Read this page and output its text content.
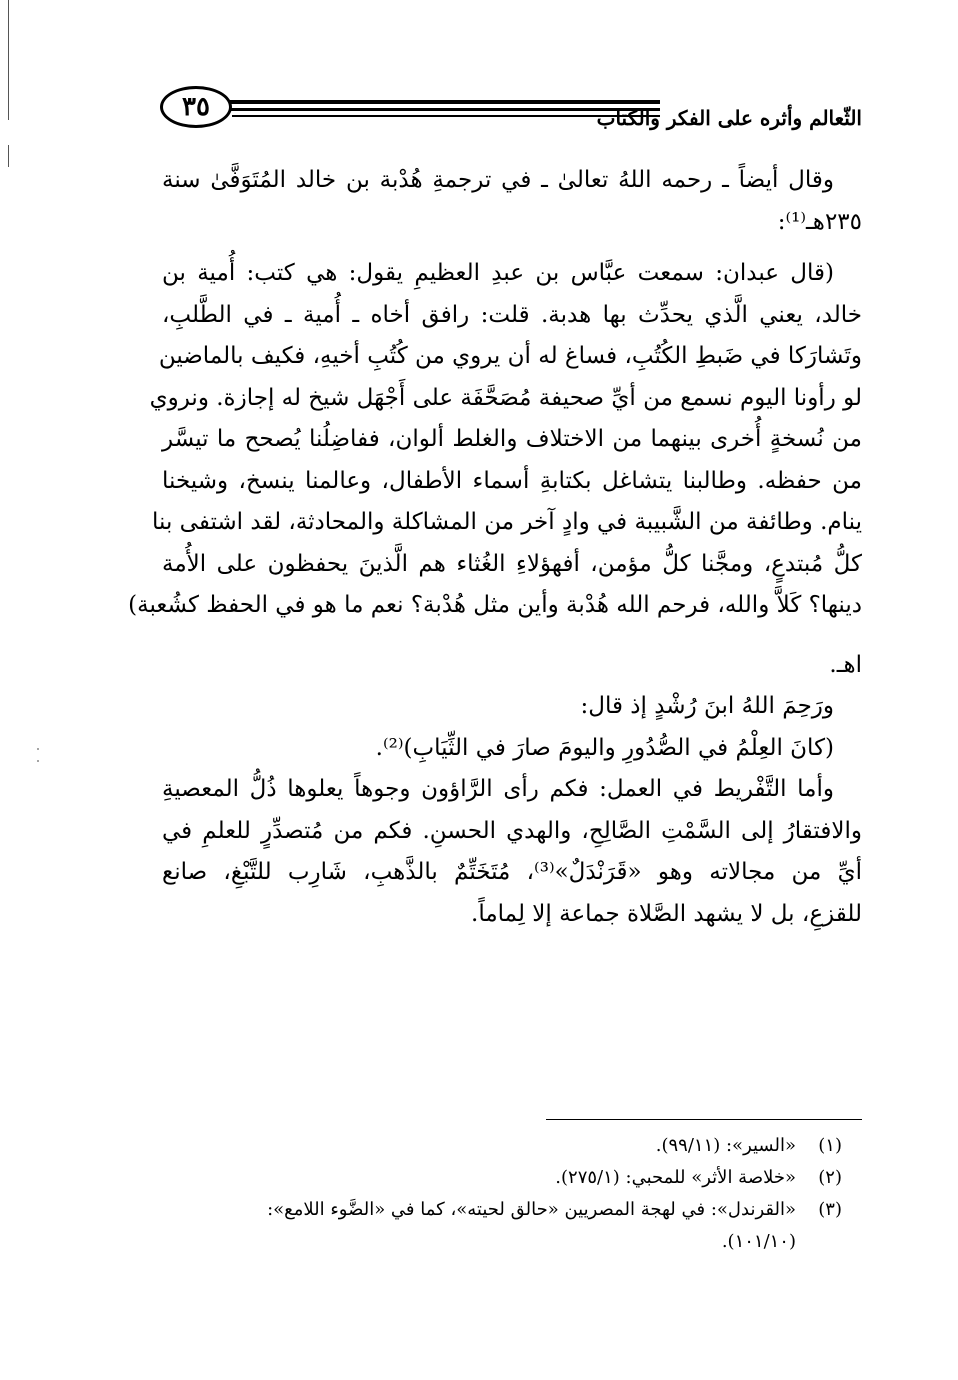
٣٥	الثّعالم وأثره على الفكر والكتاب
وقال أيضاً ـ رحمه اللهُ تعالىٰ ـ في ترجمةِ هُدْبة بن خالد المُتَوَفَّىٰ سنة
٢٣٥هـ⁽¹⁾:
(قال عبدان: سمعت عبَّاس بن عبدِ العظيمِ يقول: هي كتب: أُمية بن
خالد، يعني الَّذي يحدِّث بها هدبة. قلت: رافق أخاه ـ أُمية ـ في الطَّلبِ،
وتَشارَكا في ضَبطِ الكُتُبِ، فساغ له أن يروي من كُتُبِ أخيهِ، فكيف بالماضين
لو رأونا اليوم نسمع من أيِّ صحيفة مُصَحَّفَة على أَجْهَل شيخ له إجازة. ونروي
من نُسخةٍ أُخرى بينهما من الاختلاف والغلط ألوان، ففاضِلُنا يُصحح ما تيسَّر
من حفظه. وطالبنا يتشاغل بكتابةِ أسماء الأطفال، وعالمنا ينسخ، وشيخنا
ينام. وطائفة من الشَّبيبة في وادٍ آخر من المشاكلة والمحادثة، لقد اشتفى بنا
كلُّ مُبتدعٍ، ومجَّنا كلُّ مؤمن، أفهؤلاءِ الغُثاء هم الَّذينَ يحفظون على الأُمة
دينها؟ كَلاَّ والله، فرحم الله هُدْبة وأين مثل هُدْبة؟ نعم ما هو في الحفظ كشُعبة)
اهـ.
ورَحِمَ اللهُ ابنَ رُشْدٍ إذ قال:
(كانَ العِلْمُ في الصُّدُورِ واليومَ صارَ في الثِّيَابِ)⁽²⁾.
وأما التَّفْريط في العمل: فكم رأى الرَّاؤون وجوهاً يعلوها ذُلُّ المعصيةِ
والافتقارُ إلى السَّمْتِ الصَّالِحِ، والهدي الحسنِ. فكم من مُتصدِّرٍ للعلمِ في
أيِّ من مجالاته وهو «قَرَنْدَلٌ»⁽³⁾، مُتَخَتِّمٌ بالذَّهبِ، شَارِب للتَّبْغِ، صانع
للقزعِ، بل لا يشهد الصَّلاة جماعة إلا لِماماً.
(١)
«السير»: (٩٩/١١).
(٢)
«خلاصة الأثر» للمحبي: (٢٧٥/١).
(٣)
«القرندل»: في لهجة المصريين «حالق لحيته»، كما في «الضَّوء اللامع»:
(١٠١/١٠).
